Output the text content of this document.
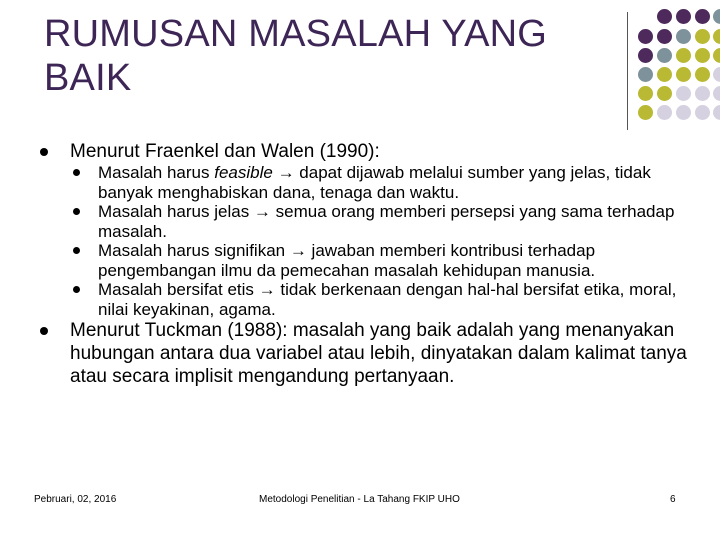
RUMUSAN MASALAH YANG BAIK

Menurut Fraenkel dan Walen (1990):

Masalah harus feasible → dapat dijawab melalui sumber yang jelas, tidak banyak menghabiskan dana, tenaga dan waktu.

Masalah harus jelas → semua orang memberi persepsi yang sama terhadap masalah.

Masalah harus signifikan → jawaban memberi kontribusi terhadap pengembangan ilmu da pemecahan masalah kehidupan manusia.

Masalah bersifat etis → tidak berkenaan dengan hal-hal bersifat etika, moral, nilai keyakinan, agama.

Menurut Tuckman (1988): masalah yang baik adalah yang menanyakan hubungan antara dua variabel atau lebih, dinyatakan dalam kalimat tanya atau secara implisit mengandung pertanyaan.

Pebruari, 02, 2016	Metodologi Penelitian - La Tahang FKIP UHO	6
